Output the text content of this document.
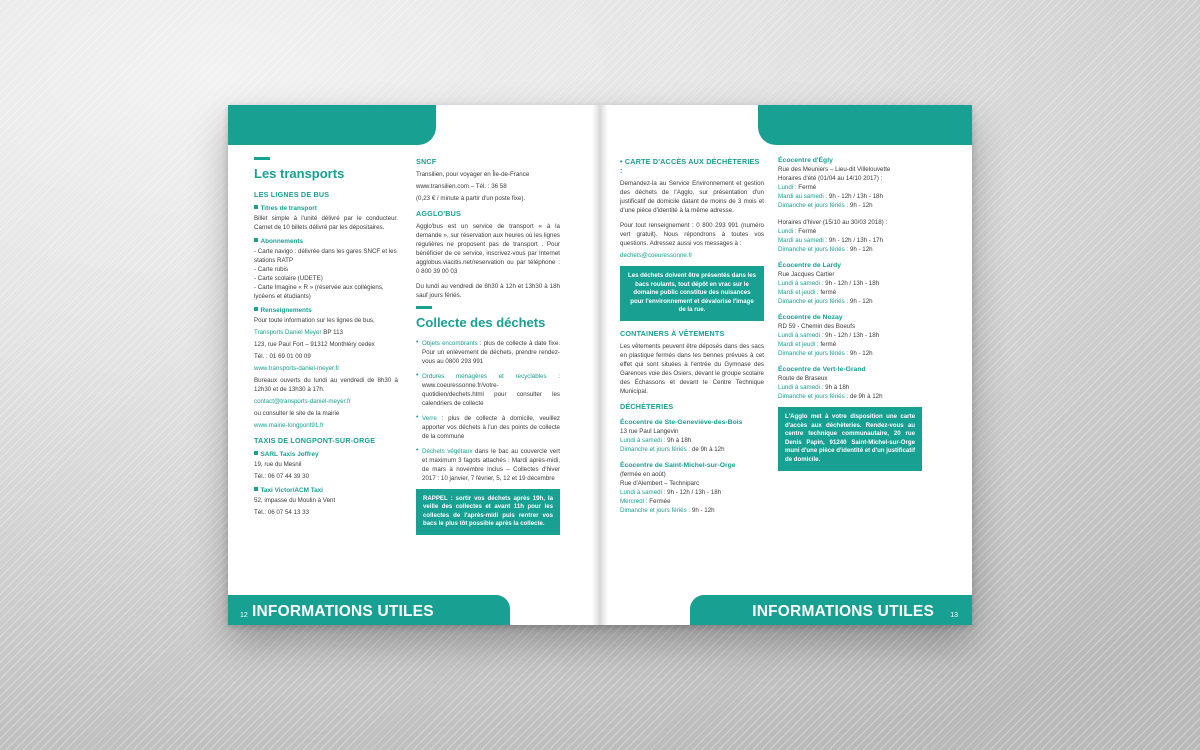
Les transports
LES LIGNES DE BUS
Titres de transport

Billet simple à l'unité délivré par le conducteur. Carnet de 10 billets délivré par les dépositaires.

Abonnements
- Carte navigo : délivrée dans les gares SNCF et les stations RATP
- Carte rubis
- Carte scolaire (UDETE)
- Carte Imagine « R » (réservée aux collégiens, lycéens et étudiants)
Renseignements

Pour toute information sur les lignes de bus,

Transports Daniel Meyer BP 113

123, rue Paul Fort – 91312 Monthléry cedex

Tél. : 01 69 01 00 09

www.transports-daniel-meyer.fr

Bureaux ouverts du lundi au vendredi de 8h30 à 12h30 et de 13h30 à 17h.

contact@transports-daniel-meyer.fr

ou consulter le site de la mairie

www.mairie-longpont91.fr

TAXIS DE LONGPONT-SUR-ORGE
SARL Taxis Joffrey

19, rue du Mesnil

Tél.: 06 07 44 39 30

Taxi Victor/ACM Taxi

52, impasse du Moulin à Vent

Tél.: 06 07 54 13 33

SNCF

Transilien, pour voyager en Île-de-France

www.transilien.com – Tél. : 36 58

(0,23 € / minute à partir d'un poste fixe).

AGGLO'BUS

Agglo'bus est un service de transport « à la demande », sur réservation aux heures où les lignes régulières ne proposent pas de transport . Pour bénéficier de ce service, inscrivez-vous par Internet agglobus.viacitis.net/reservation ou par téléphone : 0 800 39 00 03

Du lundi au vendredi de 8h30 à 12h et 13h30 à 18h sauf jours fériés.

Collecte des déchets

• Objets encombrants : plus de collecte à date fixe. Pour un enlèvement de déchets, prendre rendez-vous au 0800 293 991

• Ordures ménagères et recyclables : www.coeuressonne.fr/votre-quotidien/dechets.html pour consulter les calendriers de collecte

• Verre : plus de collecte à domicile, veuillez apporter vos déchets à l'un des points de collecte de la commune

• Déchets végétaux dans le bac au couvercle vert et maximum 3 fagots attachés : Mardi après-midi, de mars à novembre inclus – Collectes d'hiver 2017 : 10 janvier, 7 février, 5, 12 et 19 décembre

RAPPEL : sortir vos déchets après 19h, la veille des collectes et avant 11h pour les collectes de l'après-midi puis rentrer vos bacs le plus tôt possible après la collecte.
12 INFORMATIONS UTILES
• CARTE D'ACCÈS AUX DÉCHÈTERIES :

Demandez-la au Service Environnement et gestion des déchets de l'Agglo, sur présentation d'un justificatif de domicile datant de moins de 3 mois et d'une pièce d'identité à la même adresse.

Pour tout renseignement : 0 800 293 991 (numéro vert gratuit). Nous répondrons à toutes vos questions. Adressez aussi vos messages à :

dechets@coeuressonne.fr

Les déchets doivent être présentés dans les bacs roulants, tout dépôt en vrac sur le domaine public constitue des nuisances pour l'environnement et dévalorise l'image de la rue.
CONTAINERS À VÊTEMENTS

Les vêtements peuvent être déposés dans des sacs en plastique fermés dans les bennes prévues à cet effet qui sont situées à l'entrée du Gymnase des Garences voie des Osiers, devant le groupe scolaire des Échassons et devant le Centre Technique Municipal.

DÉCHÈTERIES
Écocentre de Ste-Geneviève-des-Bois
13 rue Paul Langevin
Lundi à samedi : 9h à 18h
Dimanche et jours fériés : de 9h à 12h
Écocentre de Saint-Michel-sur-Orge
(fermée en août)
Rue d'Alembert – Techniparc
Lundi à samedi : 9h - 12h / 13h - 18h
Mercredi : Fermée
Dimanche et jours fériés : 9h - 12h
Écocentre d'Égly
Rue des Meuniers – Lieu-dit Villelouvette
Horaires d'été (01/04 au 14/10 2017) :
Lundi : Fermé
Mardi au samedi : 9h - 12h / 13h - 18h
Dimanche et jours fériés : 9h - 12h
Horaires d'hiver (15/10 au 30/03 2018) :
Lundi : Fermé
Mardi au samedi : 9h - 12h / 13h - 17h
Dimanche et jours fériés : 9h - 12h
Écocentre de Lardy
Rue Jacques Cartier
Lundi à samedi : 9h - 12h / 13h - 18h
Mardi et jeudi : fermé
Dimanche et jours fériés : 9h - 12h
Écocentre de Nozay
RD 59 - Chemin des Boeufs
Lundi à samedi : 9h - 12h / 13h - 18h
Mardi et jeudi : fermé
Dimanche et jours fériés : 9h - 12h
Écocentre de Vert-le-Grand
Route de Braseux
Lundi à samedi : 9h à 18h
Dimanche et jours fériés : de 9h à 12h
L'Agglo met à votre disposition une carte d'accès aux déchèteries. Rendez-vous au centre technique communautaire, 20 rue Denis Papin, 91240 Saint-Michel-sur-Orge muni d'une pièce d'identité et d'un justificatif de domicile.
INFORMATIONS UTILES 13
